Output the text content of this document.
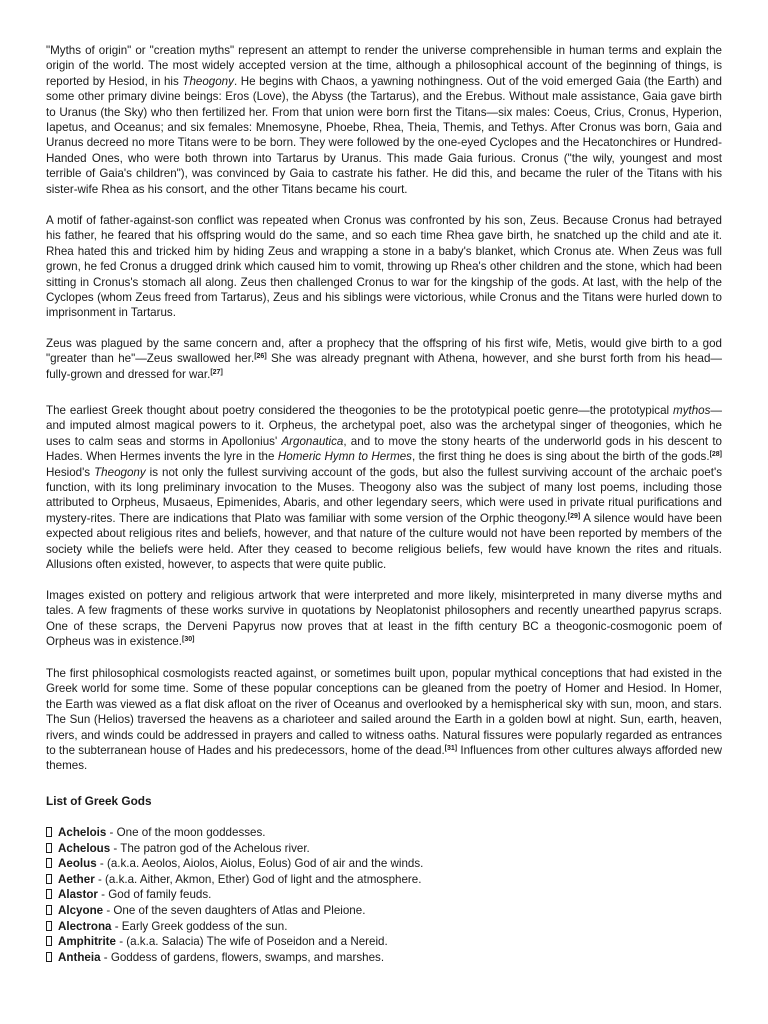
"Myths of origin" or "creation myths" represent an attempt to render the universe comprehensible in human terms and explain the origin of the world. The most widely accepted version at the time, although a philosophical account of the beginning of things, is reported by Hesiod, in his Theogony. He begins with Chaos, a yawning nothingness. Out of the void emerged Gaia (the Earth) and some other primary divine beings: Eros (Love), the Abyss (the Tartarus), and the Erebus. Without male assistance, Gaia gave birth to Uranus (the Sky) who then fertilized her. From that union were born first the Titans—six males: Coeus, Crius, Cronus, Hyperion, Iapetus, and Oceanus; and six females: Mnemosyne, Phoebe, Rhea, Theia, Themis, and Tethys. After Cronus was born, Gaia and Uranus decreed no more Titans were to be born. They were followed by the one-eyed Cyclopes and the Hecatonchires or Hundred-Handed Ones, who were both thrown into Tartarus by Uranus. This made Gaia furious. Cronus ("the wily, youngest and most terrible of Gaia's children"), was convinced by Gaia to castrate his father. He did this, and became the ruler of the Titans with his sister-wife Rhea as his consort, and the other Titans became his court.

A motif of father-against-son conflict was repeated when Cronus was confronted by his son, Zeus. Because Cronus had betrayed his father, he feared that his offspring would do the same, and so each time Rhea gave birth, he snatched up the child and ate it. Rhea hated this and tricked him by hiding Zeus and wrapping a stone in a baby's blanket, which Cronus ate. When Zeus was full grown, he fed Cronus a drugged drink which caused him to vomit, throwing up Rhea's other children and the stone, which had been sitting in Cronus's stomach all along. Zeus then challenged Cronus to war for the kingship of the gods. At last, with the help of the Cyclopes (whom Zeus freed from Tartarus), Zeus and his siblings were victorious, while Cronus and the Titans were hurled down to imprisonment in Tartarus.

Zeus was plagued by the same concern and, after a prophecy that the offspring of his first wife, Metis, would give birth to a god "greater than he"—Zeus swallowed her.[26] She was already pregnant with Athena, however, and she burst forth from his head—fully-grown and dressed for war.[27]

The earliest Greek thought about poetry considered the theogonies to be the prototypical poetic genre—the prototypical mythos—and imputed almost magical powers to it. Orpheus, the archetypal poet, also was the archetypal singer of theogonies, which he uses to calm seas and storms in Apollonius' Argonautica, and to move the stony hearts of the underworld gods in his descent to Hades. When Hermes invents the lyre in the Homeric Hymn to Hermes, the first thing he does is sing about the birth of the gods.[28] Hesiod's Theogony is not only the fullest surviving account of the gods, but also the fullest surviving account of the archaic poet's function, with its long preliminary invocation to the Muses. Theogony also was the subject of many lost poems, including those attributed to Orpheus, Musaeus, Epimenides, Abaris, and other legendary seers, which were used in private ritual purifications and mystery-rites. There are indications that Plato was familiar with some version of the Orphic theogony.[29] A silence would have been expected about religious rites and beliefs, however, and that nature of the culture would not have been reported by members of the society while the beliefs were held. After they ceased to become religious beliefs, few would have known the rites and rituals. Allusions often existed, however, to aspects that were quite public.

Images existed on pottery and religious artwork that were interpreted and more likely, misinterpreted in many diverse myths and tales. A few fragments of these works survive in quotations by Neoplatonist philosophers and recently unearthed papyrus scraps. One of these scraps, the Derveni Papyrus now proves that at least in the fifth century BC a theogonic-cosmogonic poem of Orpheus was in existence.[30]

The first philosophical cosmologists reacted against, or sometimes built upon, popular mythical conceptions that had existed in the Greek world for some time. Some of these popular conceptions can be gleaned from the poetry of Homer and Hesiod. In Homer, the Earth was viewed as a flat disk afloat on the river of Oceanus and overlooked by a hemispherical sky with sun, moon, and stars. The Sun (Helios) traversed the heavens as a charioteer and sailed around the Earth in a golden bowl at night. Sun, earth, heaven, rivers, and winds could be addressed in prayers and called to witness oaths. Natural fissures were popularly regarded as entrances to the subterranean house of Hades and his predecessors, home of the dead.[31] Influences from other cultures always afforded new themes.

List of Greek Gods

Achelois - One of the moon goddesses.
Achelous - The patron god of the Achelous river.
Aeolus - (a.k.a. Aeolos, Aiolos, Aiolus, Eolus) God of air and the winds.
Aether - (a.k.a. Aither, Akmon, Ether) God of light and the atmosphere.
Alastor - God of family feuds.
Alcyone - One of the seven daughters of Atlas and Pleione.
Alectrona - Early Greek goddess of the sun.
Amphitrite - (a.k.a. Salacia) The wife of Poseidon and a Nereid.
Antheia - Goddess of gardens, flowers, swamps, and marshes.
